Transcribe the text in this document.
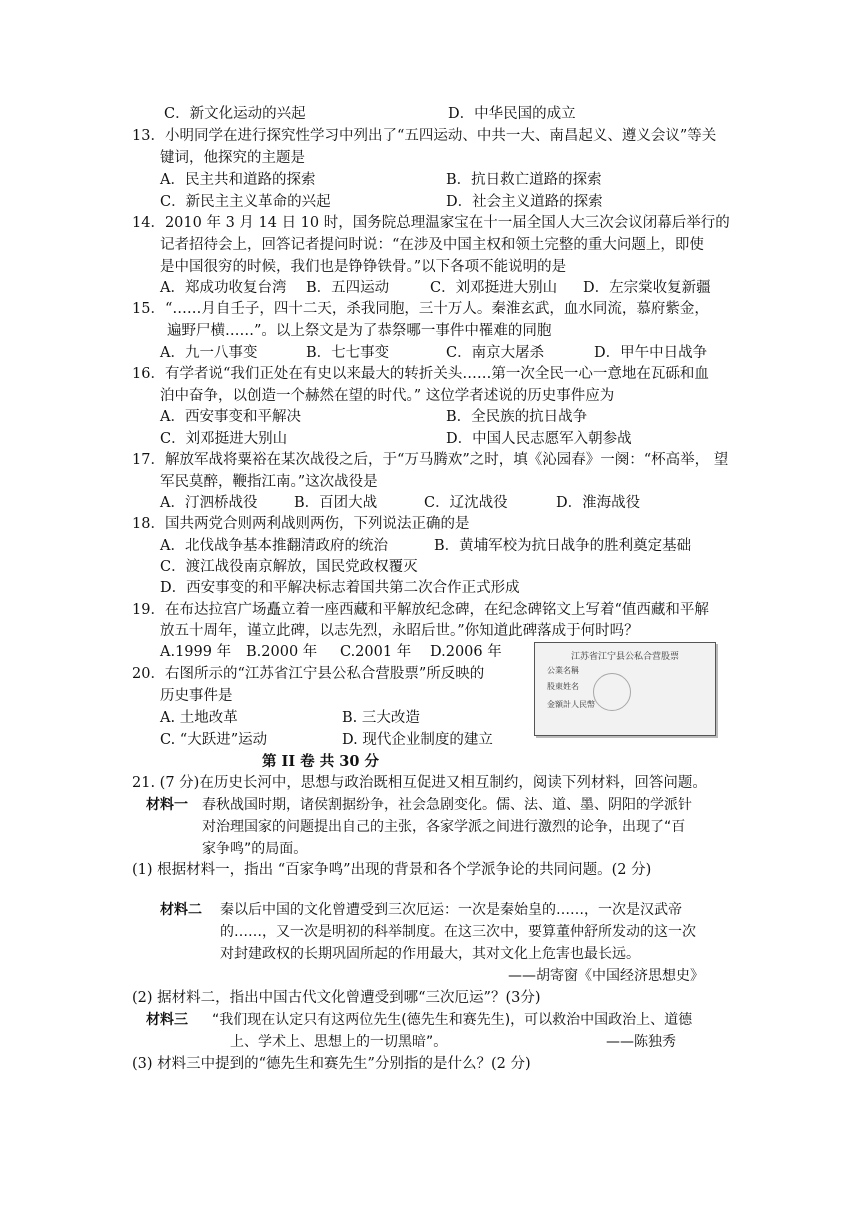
C．新文化运动的兴起	D．中华民国的成立
13．小明同学在进行探究性学习中列出了“五四运动、中共一大、南昌起义、遵义会议”等关
键词，他探究的主题是
A．民主共和道路的探索	B．抗日救亡道路的探索
C．新民主主义革命的兴起	D．社会主义道路的探索
14．2010 年 3 月 14 日 10 时，国务院总理温家宝在十一届全国人大三次会议闭幕后举行的
记者招待会上，回答记者提问时说：“在涉及中国主权和领土完整的重大问题上，即使
是中国很穷的时候，我们也是铮铮铁骨。”以下各项不能说明的是
A．郑成功收复台湾 B．五四运动	C．刘邓挺进大别山 D．左宗棠收复新疆
15．“……月自壬子，四十二天，杀我同胞，三十万人。秦淮玄武，血水同流，慕府紫金，
遍野尸横……”。以上祭文是为了恭祭哪一事件中罹难的同胞
A．九一八事变	B．七七事变	C．南京大屠杀	D．甲午中日战争
16．有学者说“我们正处在有史以来最大的转折关头……第一次全民一心一意地在瓦砾和血
泊中奋争，以创造一个赫然在望的时代。” 这位学者述说的历史事件应为
A．西安事变和平解决	B．全民族的抗日战争
C．刘邓挺进大别山	D．中国人民志愿军入朝参战
17．解放军战将粟裕在某次战役之后，于“万马腾欢”之时，填《沁园春》一阕：“杯高举， 望
军民莫醉，鞭指江南。”这次战役是
A．汀泗桥战役	B．百团大战	C．辽沈战役	D．淮海战役
18．国共两党合则两利战则两伤，下列说法正确的是
A．北伐战争基本推翻清政府的统治	B．黄埔军校为抗日战争的胜利奠定基础
C．渡江战役南京解放，国民党政权覆灭
D．西安事变的和平解决标志着国共第二次合作正式形成
19．在布达拉宫广场矗立着一座西藏和平解放纪念碑，在纪念碑铭文上写着“值西藏和平解
放五十周年，谨立此碑，以志先烈，永昭后世。”你知道此碑落成于何时吗？
A.1999 年 B.2000 年 C.2001 年 D.2006 年
20．右图所示的“江苏省江宁县公私合营股票”所反映的
历史事件是
A. 土地改革	B. 三大改造
C. “大跃进”运动	D. 现代企业制度的建立
江苏省江宁县公私合营股票
公業名稱
股東姓名
金額計人民幣
第 II 卷 共 30 分
21. (7 分)在历史长河中，思想与政治既相互促进又相互制约，阅读下列材料，回答问题。
材料一 春秋战国时期，诸侯割据纷争，社会急剧变化。儒、法、道、墨、阴阳的学派针
对治理国家的问题提出自己的主张，各家学派之间进行激烈的论争，出现了“百
家争鸣”的局面。
(1) 根据材料一，指出 “百家争鸣”出现的背景和各个学派争论的共同问题。(2 分)
材料二 秦以后中国的文化曾遭受到三次厄运：一次是秦始皇的……，一次是汉武帝
的……，又一次是明初的科举制度。在这三次中，要算董仲舒所发动的这一次
对封建政权的长期巩固所起的作用最大，其对文化上危害也最长远。
——胡寄窗《中国经济思想史》
(2) 据材料二，指出中国古代文化曾遭受到哪“三次厄运”？(3分)
材料三 “我们现在认定只有这两位先生(德先生和赛先生)，可以救治中国政治上、道德
上、学术上、思想上的一切黑暗”。	——陈独秀
(3) 材料三中提到的“德先生和赛先生”分别指的是什么？(2 分)
